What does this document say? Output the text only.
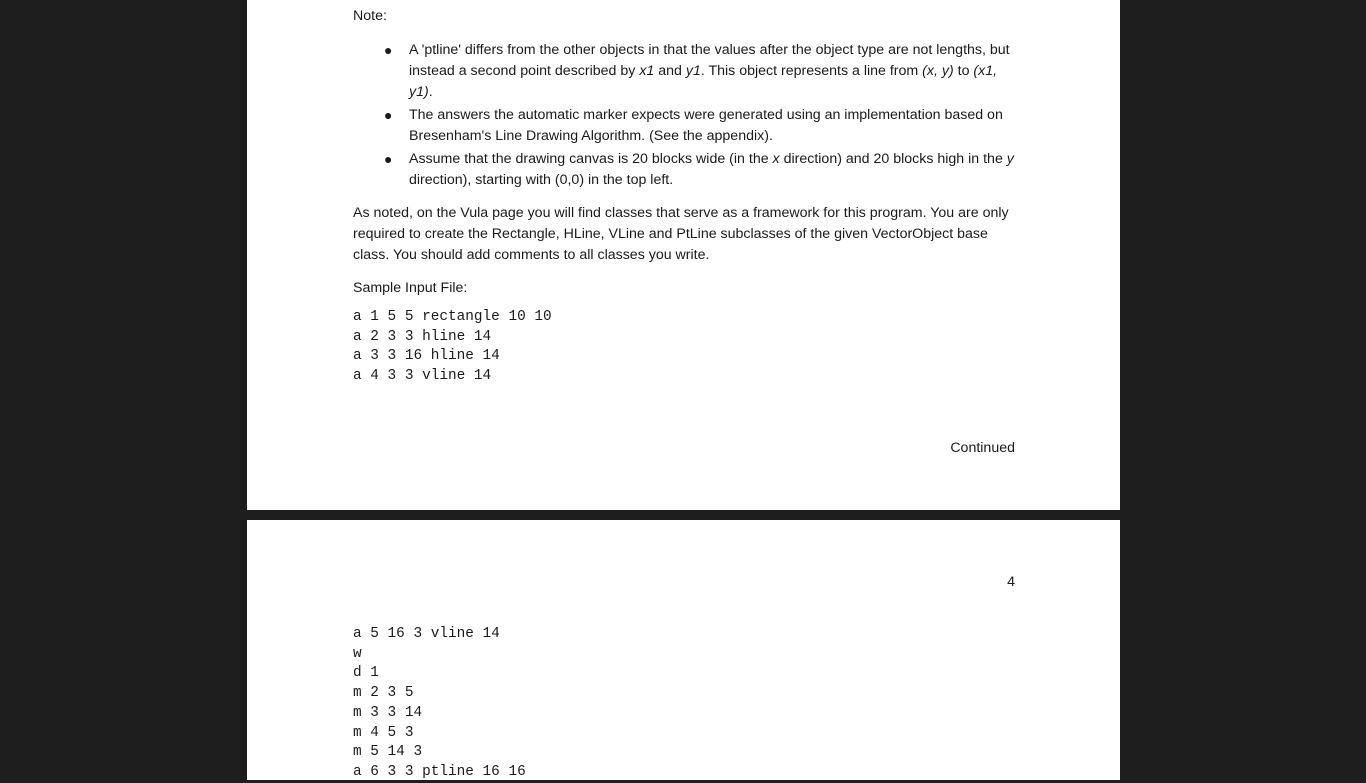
Note:

● A 'ptline' differs from the other objects in that the values after the object type are not lengths, but instead a second point described by x1 and y1. This object represents a line from (x, y) to (x1, y1).
● The answers the automatic marker expects were generated using an implementation based on Bresenham's Line Drawing Algorithm. (See the appendix).
● Assume that the drawing canvas is 20 blocks wide (in the x direction) and 20 blocks high in the y direction), starting with (0,0) in the top left.

As noted, on the Vula page you will find classes that serve as a framework for this program. You are only required to create the Rectangle, HLine, VLine and PtLine subclasses of the given VectorObject base class. You should add comments to all classes you write.

Sample Input File:

a 1 5 5 rectangle 10 10
a 2 3 3 hline 14
a 3 3 16 hline 14
a 4 3 3 vline 14
Continued
4
a 5 16 3 vline 14
w
d 1
m 2 3 5
m 3 3 14
m 4 5 3
m 5 14 3
a 6 3 3 ptline 16 16
